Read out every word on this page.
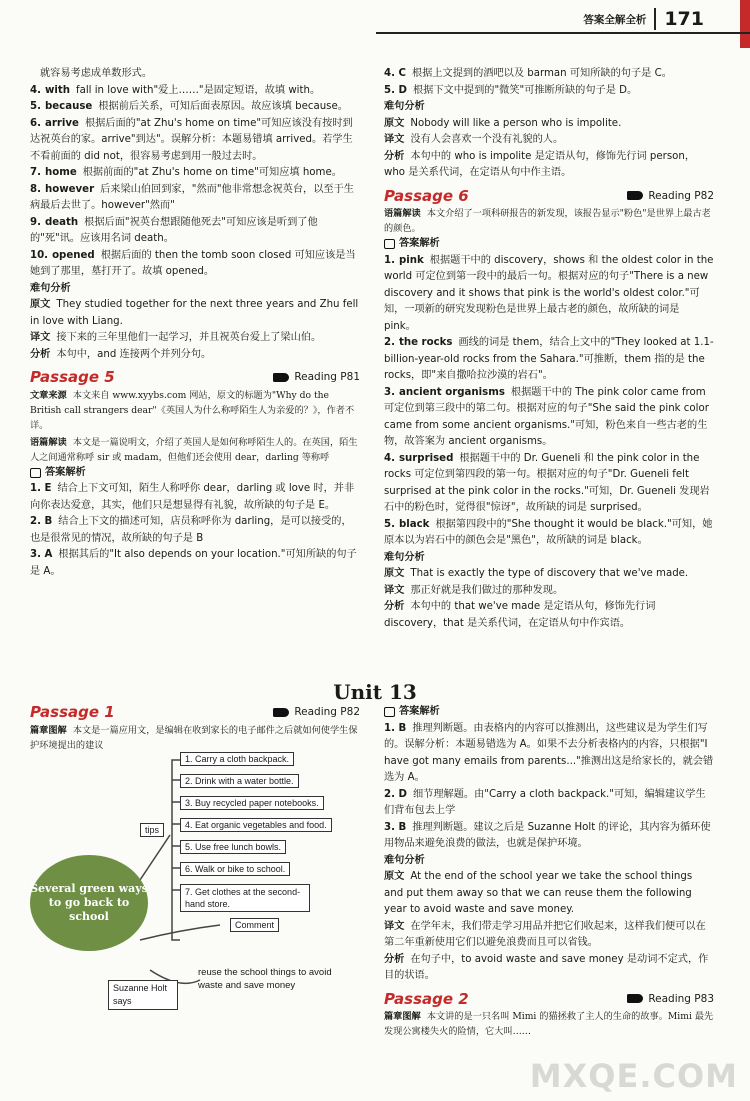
答案全解全析 171

就容易考虑成单数形式。

4. with fall in love with"爱上……"是固定短语，故填 with。

5. because 根据前后关系，可知后面表原因。故应该填 because。

6. arrive 根据后面的"at Zhu's home on time"可知应该没有按时到达祝英台的家。arrive"到达"。误解分析：本题易错填 arrived。若学生不看前面的 did not，很容易考虑到用一般过去时。

7. home 根据前面的"at Zhu's home on time"可知应填 home。

8. however 后来梁山伯回到家，"然而"他非常想念祝英台，以至于生病最后去世了。however"然而"

9. death 根据后面"祝英台想跟随他死去"可知应该是听到了他的"死"讯。应该用名词 death。

10. opened 根据后面的 then the tomb soon closed 可知应该是当她到了那里，墓打开了。故填 opened。

难句分析

原文 They studied together for the next three years and Zhu fell in love with Liang.

译文 接下来的三年里他们一起学习，并且祝英台爱上了梁山伯。

分析 本句中，and 连接两个并列分句。

Passage 5	Reading P81

文章来源 本文来自 www.xyybs.com 网站，原文的标题为"Why do the British call strangers dear"《英国人为什么称呼陌生人为亲爱的？》，作者不详。

语篇解读 本文是一篇说明文，介绍了英国人是如何称呼陌生人的。在英国，陌生人之间通常称呼 sir 或 madam，但他们还会使用 dear，darling 等称呼

答案解析

1. E 结合上下文可知，陌生人称呼你 dear，darling 或 love 时，并非向你表达爱意，其实，他们只是想显得有礼貌，故所缺的句子是 E。

2. B 结合上下文的描述可知，店员称呼你为 darling，是可以接受的，也是很常见的情况，故所缺的句子是 B

3. A 根据其后的"It also depends on your location."可知所缺的句子是 A。

4. C 根据上文提到的酒吧以及 barman 可知所缺的句子是 C。

5. D 根据下文中提到的"微笑"可推断所缺的句子是 D。

难句分析

原文 Nobody will like a person who is impolite.

译文 没有人会喜欢一个没有礼貌的人。

分析 本句中的 who is impolite 是定语从句，修饰先行词 person，who 是关系代词，在定语从句中作主语。

Passage 6	Reading P82

语篇解读 本文介绍了一项科研报告的新发现，该报告显示"粉色"是世界上最古老的颜色。

答案解析

1. pink 根据题干中的 discovery，shows 和 the oldest color in the world 可定位到第一段中的最后一句。根据对应的句子"There is a new discovery and it shows that pink is the world's oldest color."可知，一项新的研究发现粉色是世界上最古老的颜色，故所缺的词是 pink。

2. the rocks 画线的词是 them，结合上文中的"They looked at 1.1-billion-year-old rocks from the Sahara."可推断，them 指的是 the rocks，即"来自撒哈拉沙漠的岩石"。

3. ancient organisms 根据题干中的 The pink color came from 可定位到第三段中的第二句。根据对应的句子"She said the pink color came from some ancient organisms."可知，粉色来自一些古老的生物，故答案为 ancient organisms。

4. surprised 根据题干中的 Dr. Gueneli 和 the pink color in the rocks 可定位到第四段的第一句。根据对应的句子"Dr. Gueneli felt surprised at the pink color in the rocks."可知，Dr. Gueneli 发现岩石中的粉色时，觉得很"惊讶"，故所缺的词是 surprised。

5. black 根据第四段中的"She thought it would be black."可知，她原本以为岩石中的颜色会是"黑色"，故所缺的词是 black。

难句分析

原文 That is exactly the type of discovery that we've made.

译文 那正好就是我们做过的那种发现。

分析 本句中的 that we've made 是定语从句，修饰先行词 discovery，that 是关系代词，在定语从句中作宾语。

Unit 13
Passage 1	Reading P82

篇章图解 本文是一篇应用文，是编辑在收到家长的电子邮件之后就如何使学生保护环境提出的建议

Several green ways to go back to school
tips
1. Carry a cloth backpack.
2. Drink with a water bottle.
3. Buy recycled paper notebooks.
4. Eat organic vegetables and food.
5. Use free lunch bowls.
6. Walk or bike to school.
7. Get clothes at the second-hand store.
Comment
Suzanne Holt says
reuse the school things to avoid waste and save money

答案解析

1. B 推理判断题。由表格内的内容可以推测出，这些建议是为学生们写的。误解分析：本题易错选为 A。如果不去分析表格内的内容，只根据"I have got many emails from parents..."推测出这是给家长的，就会错选为 A。

2. D 细节理解题。由"Carry a cloth backpack."可知，编辑建议学生们背布包去上学

3. B 推理判断题。建议之后是 Suzanne Holt 的评论，其内容为循环使用物品来避免浪费的做法，也就是保护环境。

难句分析

原文 At the end of the school year we take the school things and put them away so that we can reuse them the following year to avoid waste and save money.

译文 在学年末，我们带走学习用品并把它们收起来，这样我们便可以在第二年重新使用它们以避免浪费而且可以省钱。

分析 在句子中，to avoid waste and save money 是动词不定式，作目的状语。

Passage 2	Reading P83

篇章图解 本文讲的是一只名叫 Mimi 的猫拯救了主人的生命的故事。Mimi 最先发现公寓楼失火的险情，它大叫……

MXQE.COM
